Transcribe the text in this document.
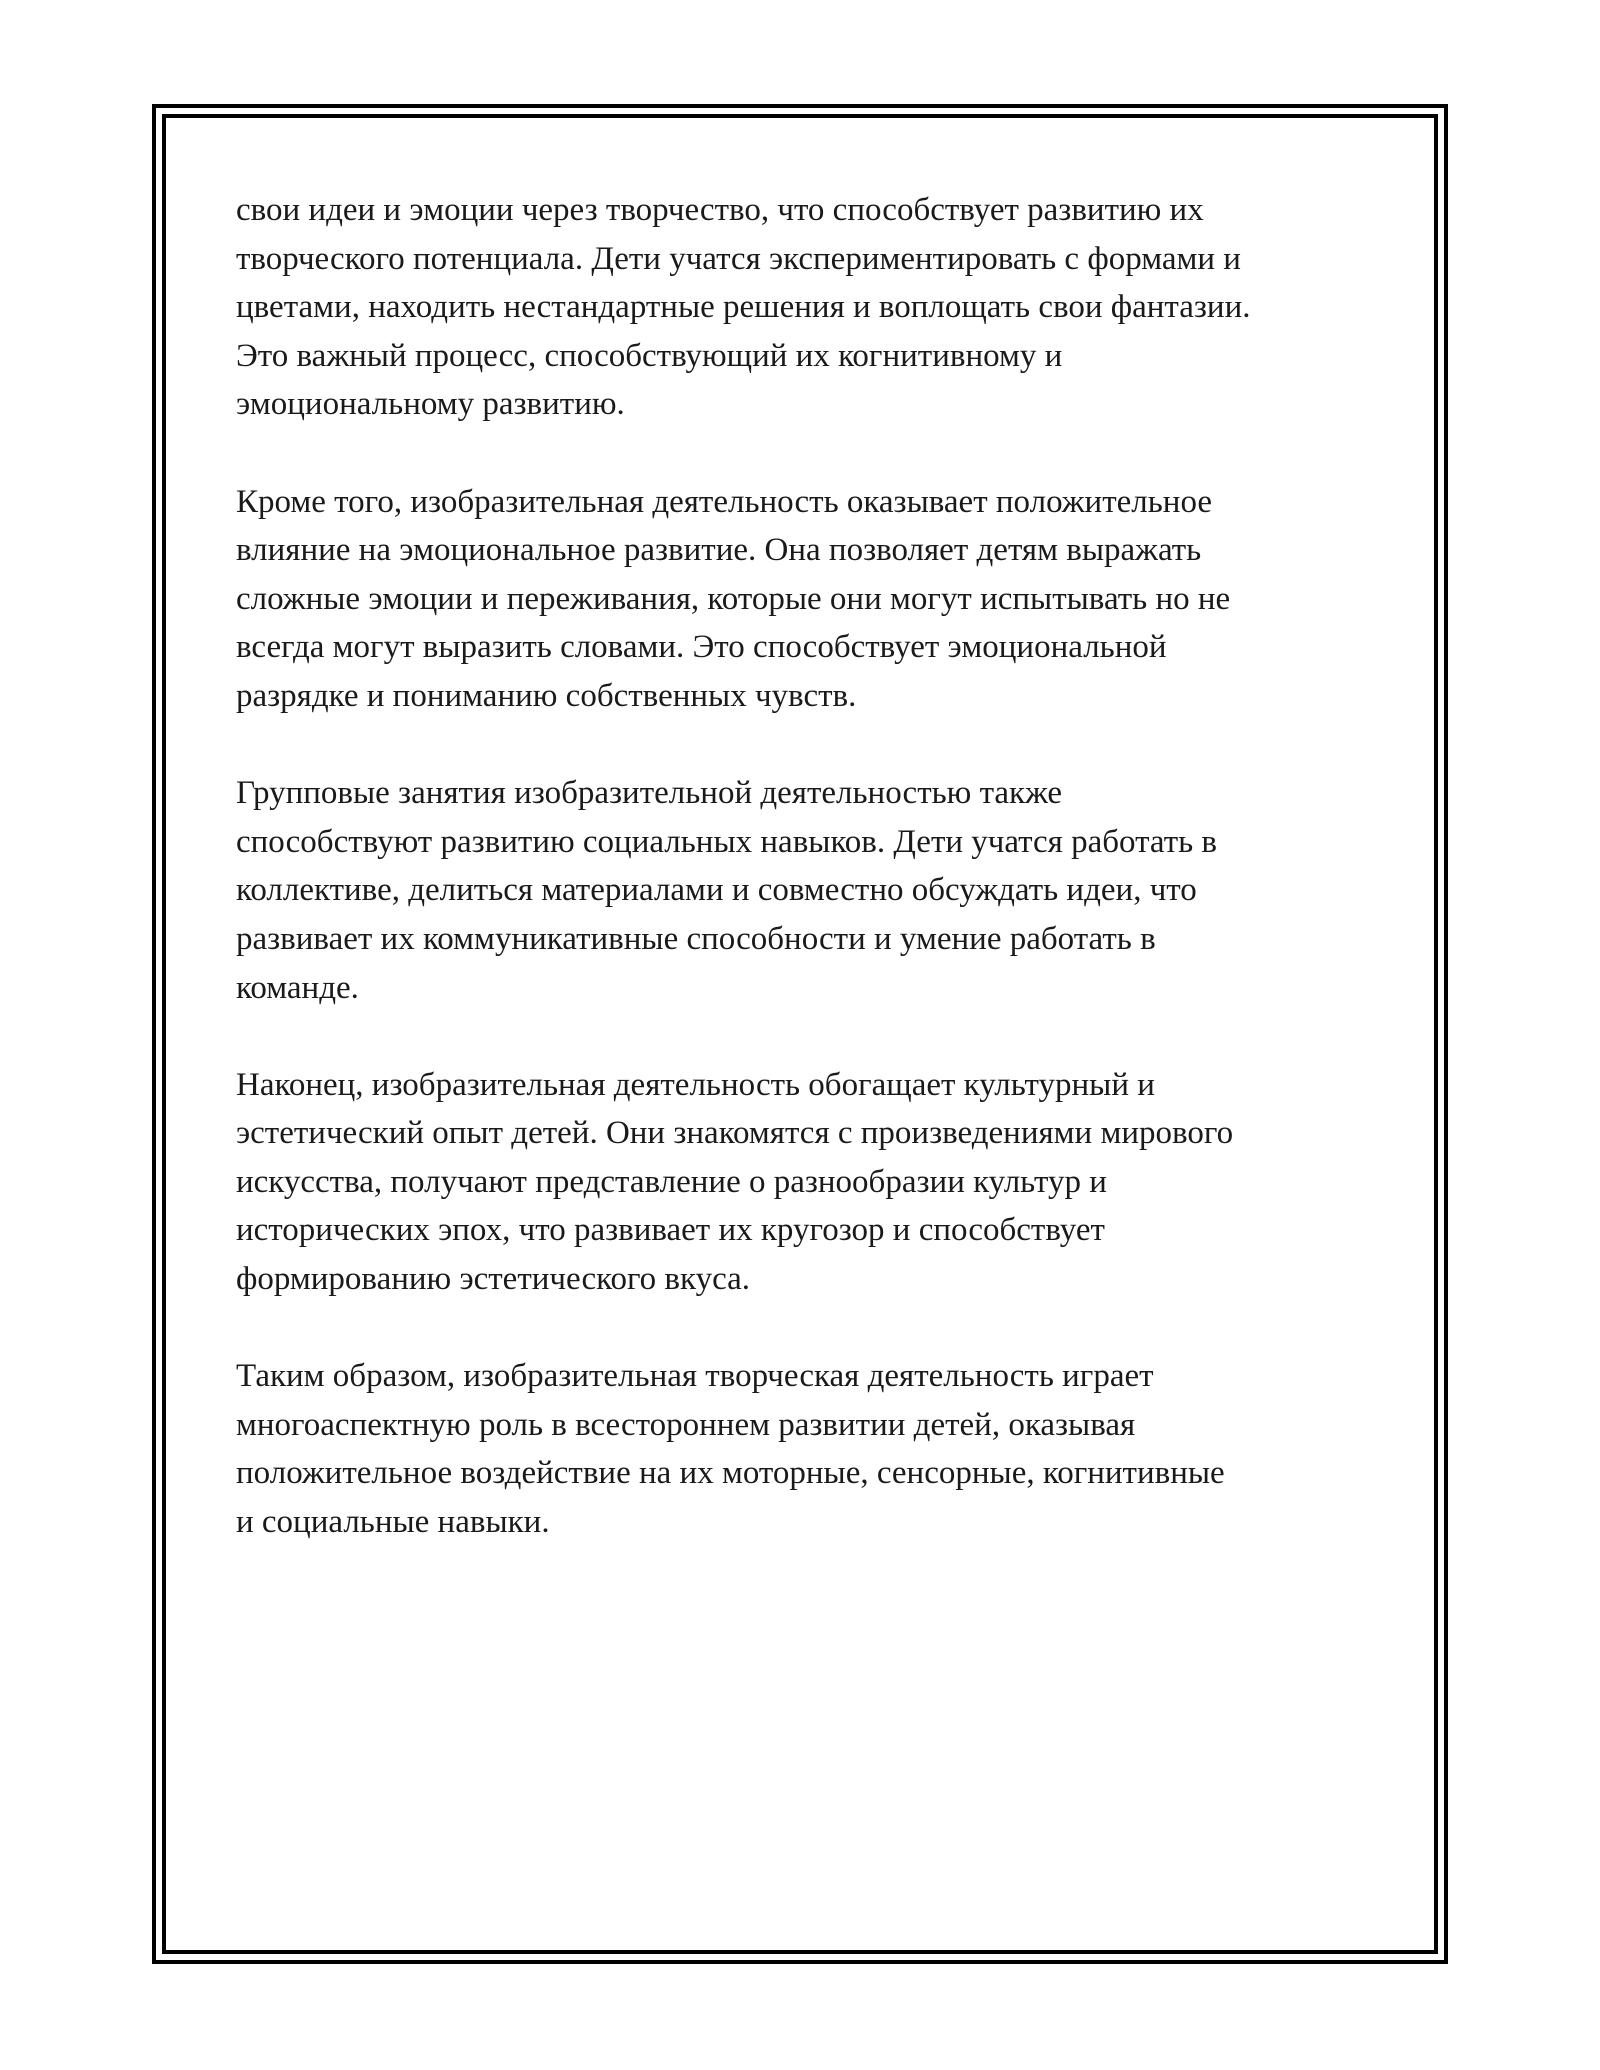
свои идеи и эмоции через творчество, что способствует развитию их
творческого потенциала. Дети учатся экспериментировать с формами и
цветами, находить нестандартные решения и воплощать свои фантазии.
Это важный процесс, способствующий их когнитивному и
эмоциональному развитию.

Кроме того, изобразительная деятельность оказывает положительное
влияние на эмоциональное развитие. Она позволяет детям выражать
сложные эмоции и переживания, которые они могут испытывать но не
всегда могут выразить словами. Это способствует эмоциональной
разрядке и пониманию собственных чувств.

Групповые занятия изобразительной деятельностью также
способствуют развитию социальных навыков. Дети учатся работать в
коллективе, делиться материалами и совместно обсуждать идеи, что
развивает их коммуникативные способности и умение работать в
команде.

Наконец, изобразительная деятельность обогащает культурный и
эстетический опыт детей. Они знакомятся с произведениями мирового
искусства, получают представление о разнообразии культур и
исторических эпох, что развивает их кругозор и способствует
формированию эстетического вкуса.

Таким образом, изобразительная творческая деятельность играет
многоаспектную роль в всестороннем развитии детей, оказывая
положительное воздействие на их моторные, сенсорные, когнитивные
и социальные навыки.
